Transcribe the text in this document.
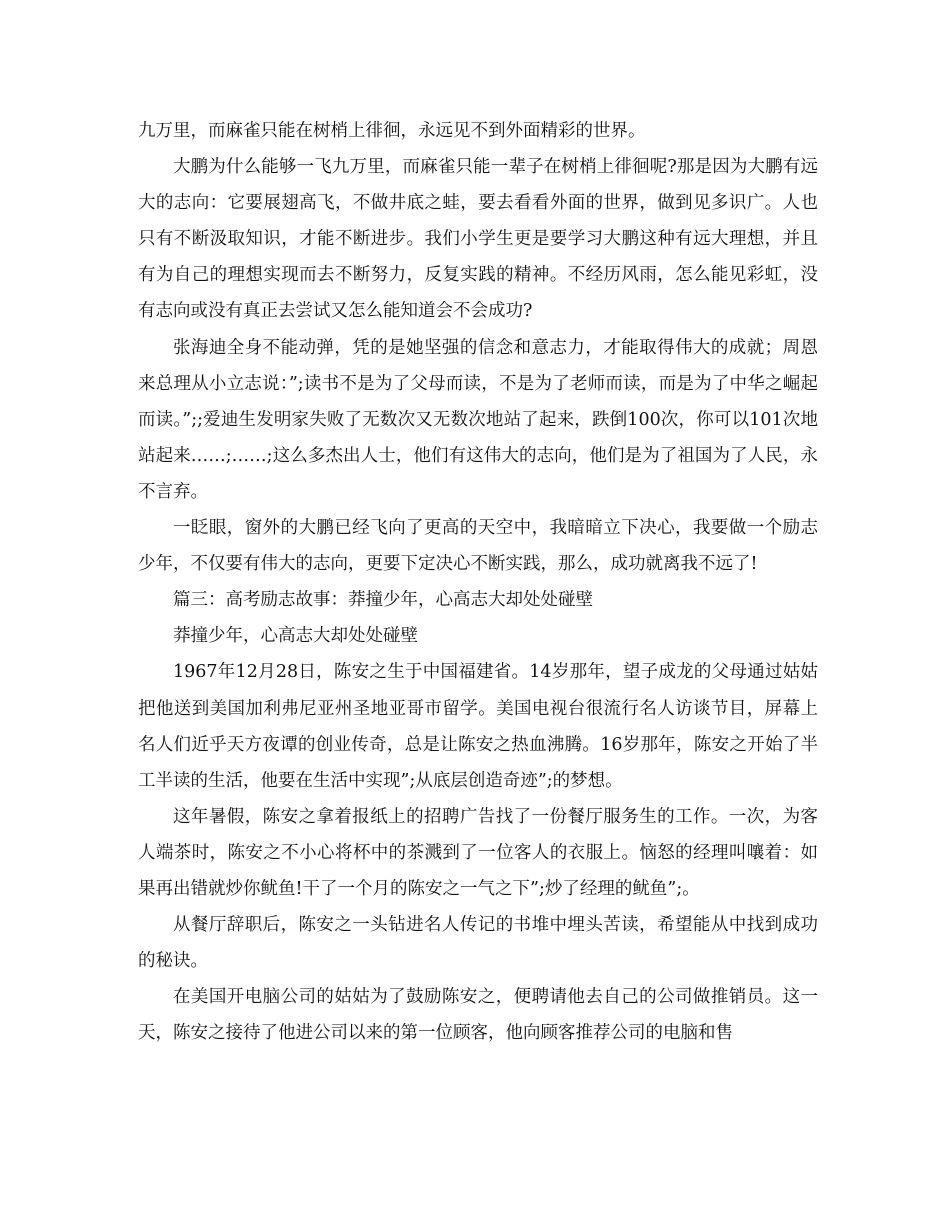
九万里，而麻雀只能在树梢上徘徊，永远见不到外面精彩的世界。

大鹏为什么能够一飞九万里，而麻雀只能一辈子在树梢上徘徊呢?那是因为大鹏有远大的志向：它要展翅高飞，不做井底之蛙，要去看看外面的世界，做到见多识广。人也只有不断汲取知识，才能不断进步。我们小学生更是要学习大鹏这种有远大理想，并且有为自己的理想实现而去不断努力，反复实践的精神。不经历风雨，怎么能见彩虹，没有志向或没有真正去尝试又怎么能知道会不会成功?

张海迪全身不能动弹，凭的是她坚强的信念和意志力，才能取得伟大的成就；周恩来总理从小立志说：”;读书不是为了父母而读，不是为了老师而读，而是为了中华之崛起而读。”;;爱迪生发明家失败了无数次又无数次地站了起来，跌倒100次，你可以101次地站起来……;……;这么多杰出人士，他们有这伟大的志向，他们是为了祖国为了人民，永不言弃。

一眨眼，窗外的大鹏已经飞向了更高的天空中，我暗暗立下决心，我要做一个励志少年，不仅要有伟大的志向，更要下定决心不断实践，那么，成功就离我不远了!

篇三：高考励志故事：莽撞少年，心高志大却处处碰壁

莽撞少年，心高志大却处处碰壁

1967年12月28日，陈安之生于中国福建省。14岁那年，望子成龙的父母通过姑姑把他送到美国加利弗尼亚州圣地亚哥市留学。美国电视台很流行名人访谈节目，屏幕上名人们近乎天方夜谭的创业传奇，总是让陈安之热血沸腾。16岁那年，陈安之开始了半工半读的生活，他要在生活中实现”;从底层创造奇迹”;的梦想。

这年暑假，陈安之拿着报纸上的招聘广告找了一份餐厅服务生的工作。一次，为客人端茶时，陈安之不小心将杯中的茶溅到了一位客人的衣服上。恼怒的经理叫嚷着：如果再出错就炒你鱿鱼!干了一个月的陈安之一气之下”;炒了经理的鱿鱼”;。

从餐厅辞职后，陈安之一头钻进名人传记的书堆中埋头苦读，希望能从中找到成功的秘诀。

在美国开电脑公司的姑姑为了鼓励陈安之，便聘请他去自己的公司做推销员。这一天，陈安之接待了他进公司以来的第一位顾客，他向顾客推荐公司的电脑和售
